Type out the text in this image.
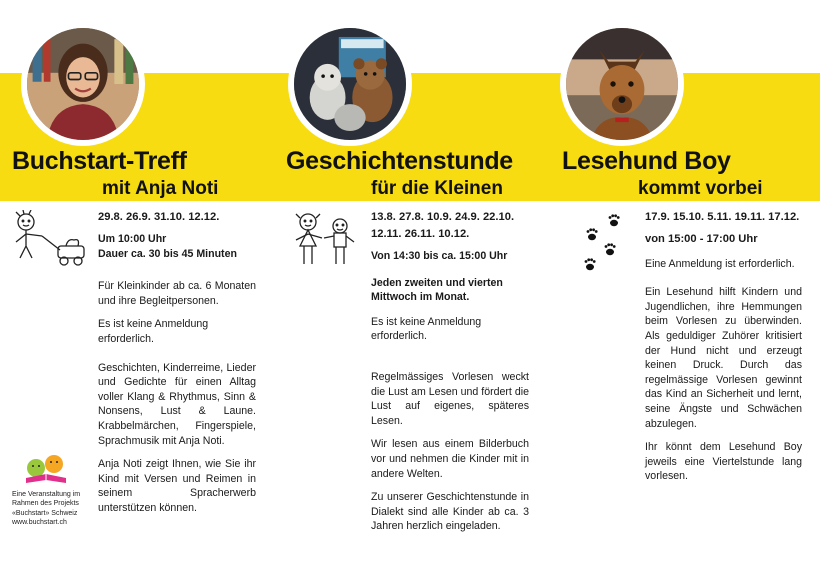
Buchstart-Treff
mit Anja Noti
Geschichtenstunde
für die Kleinen
Lesehund Boy
kommt vorbei
29.8. 26.9. 31.10. 12.12.
Um 10:00 Uhr
Dauer ca. 30 bis 45 Minuten

Für Kleinkinder ab ca. 6 Monaten und ihre Begleitpersonen.

Es ist keine Anmeldung erforderlich.

Geschichten, Kinderreime, Lieder und Gedichte für einen Alltag voller Klang & Rhythmus, Sinn & Nonsens, Lust & Laune. Krabbelmärchen, Fingerspiele, Sprachmusik mit Anja Noti.

Anja Noti zeigt Ihnen, wie Sie ihr Kind mit Versen und Reimen in seinem Spracherwerb unterstützen können.

13.8. 27.8. 10.9. 24.9. 22.10. 12.11. 26.11. 10.12.
Von 14:30 bis ca. 15:00 Uhr
Jeden zweiten und vierten Mittwoch im Monat.

Es ist keine Anmeldung erforderlich.

Regelmässiges Vorlesen weckt die Lust am Lesen und fördert die Lust auf eigenes, späteres Lesen.

Wir lesen aus einem Bilderbuch vor und nehmen die Kinder mit in andere Welten.

Zu unserer Geschichtenstunde in Dialekt sind alle Kinder ab ca. 3 Jahren herzlich eingeladen.

17.9. 15.10. 5.11. 19.11. 17.12.
von 15:00 - 17:00 Uhr

Eine Anmeldung ist erforderlich.

Ein Lesehund hilft Kindern und Jugendlichen, ihre Hemmungen beim Vorlesen zu überwinden. Als geduldiger Zuhörer kritisiert der Hund nicht und erzeugt keinen Druck. Durch das regelmässige Vorlesen gewinnt das Kind an Sicherheit und lernt, seine Ängste und Schwächen abzulegen.

Ihr könnt dem Lesehund Boy jeweils eine Viertelstunde lang vorlesen.

Eine Veranstaltung im
Rahmen des Projekts
«Buchstart» Schweiz
www.buchstart.ch
